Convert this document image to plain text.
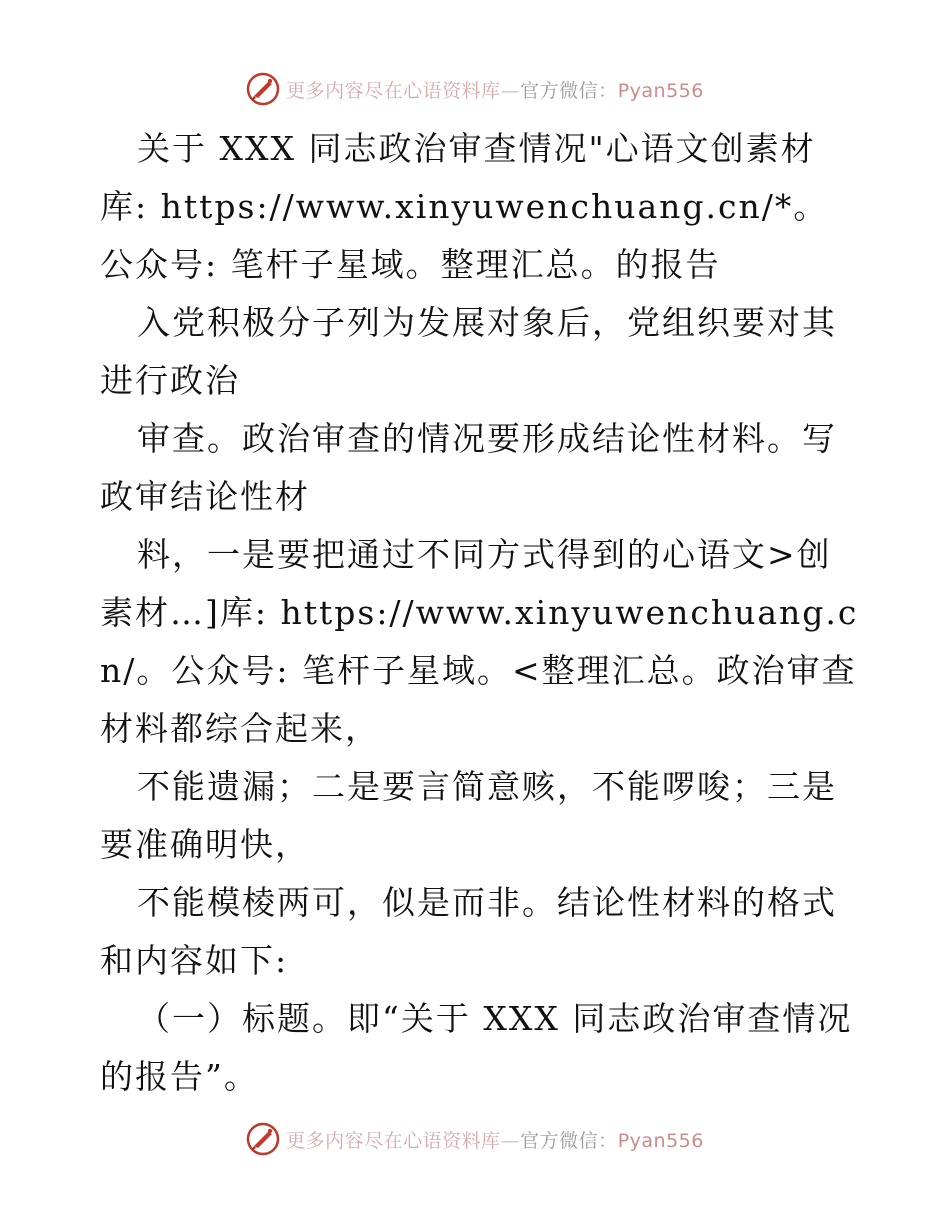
更多内容尽在心语资料库—官方微信：Pyan556

关于 XXX 同志政治审查情况"心语文创素材库: https://www.xinyuwenchuang.cn/*。公众号: 笔杆子星域。整理汇总。的报告

入党积极分子列为发展对象后，党组织要对其进行政治

审查。政治审查的情况要形成结论性材料。写政审结论性材

料，一是要把通过不同方式得到的心语文>创素材…]库: https://www.xinyuwenchuang.cn/。公众号: 笔杆子星域。<整理汇总。政治审查材料都综合起来，

不能遗漏；二是要言简意赅，不能啰唆；三是要准确明快，

不能模棱两可，似是而非。结论性材料的格式和内容如下:

（一）标题。即“关于 XXX 同志政治审查情况的报告”。

更多内容尽在心语资料库—官方微信：Pyan556
